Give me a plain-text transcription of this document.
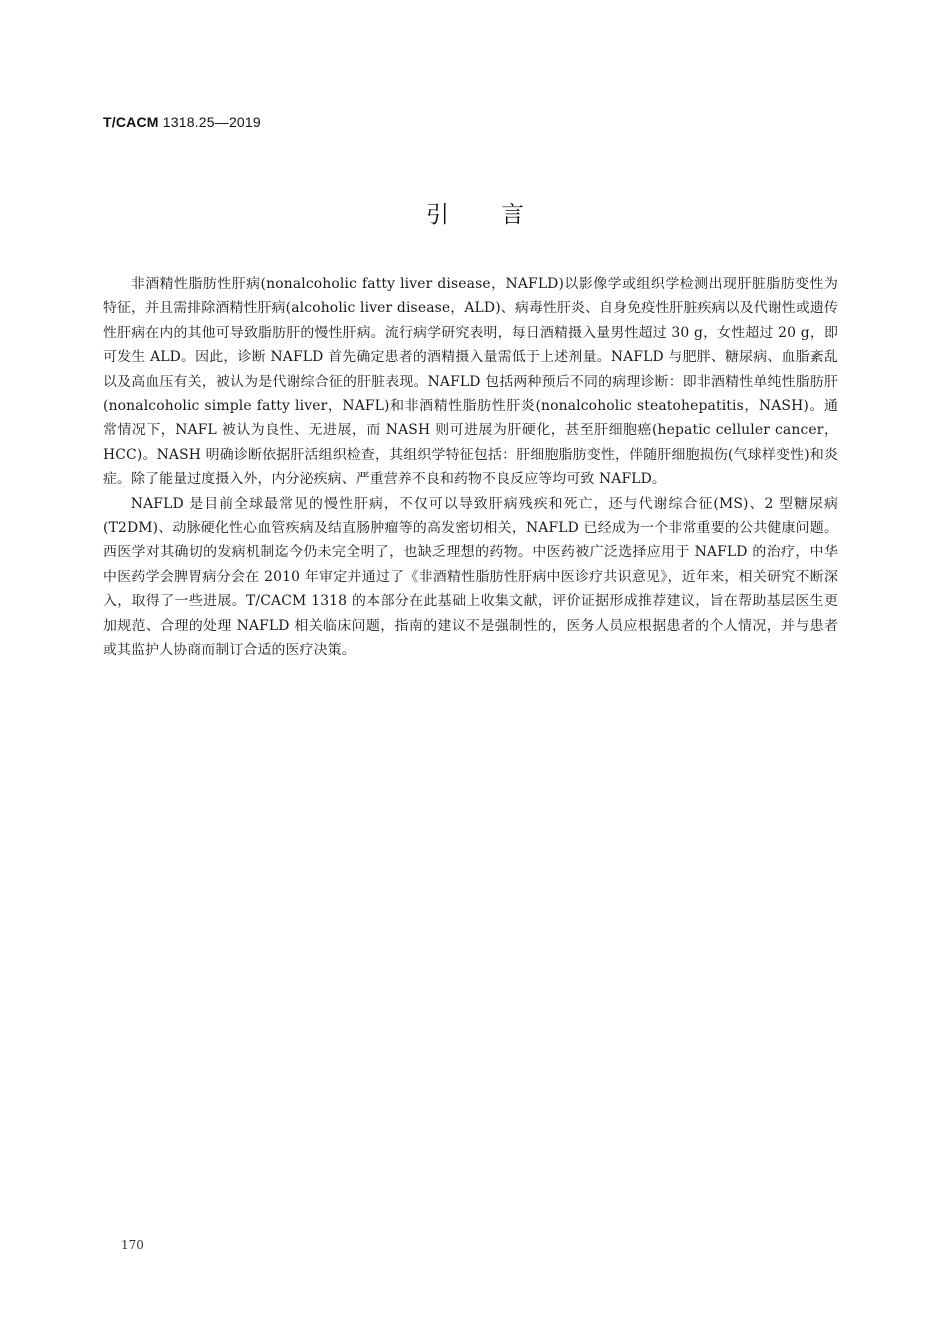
T/CACM 1318.25—2019
引言

非酒精性脂肪性肝病(nonalcoholic fatty liver disease，NAFLD)以影像学或组织学检测出现肝脏脂肪变性为特征，并且需排除酒精性肝病(alcoholic liver disease，ALD)、病毒性肝炎、自身免疫性肝脏疾病以及代谢性或遗传性肝病在内的其他可导致脂肪肝的慢性肝病。流行病学研究表明，每日酒精摄入量男性超过 30 g，女性超过 20 g，即可发生 ALD。因此，诊断 NAFLD 首先确定患者的酒精摄入量需低于上述剂量。NAFLD 与肥胖、糖尿病、血脂紊乱以及高血压有关，被认为是代谢综合征的肝脏表现。NAFLD 包括两种预后不同的病理诊断：即非酒精性单纯性脂肪肝(nonalcoholic simple fatty liver，NAFL)和非酒精性脂肪性肝炎(nonalcoholic steatohepatitis，NASH)。通常情况下，NAFL 被认为良性、无进展，而 NASH 则可进展为肝硬化，甚至肝细胞癌(hepatic celluler cancer，HCC)。NASH 明确诊断依据肝活组织检查，其组织学特征包括：肝细胞脂肪变性，伴随肝细胞损伤(气球样变性)和炎症。除了能量过度摄入外，内分泌疾病、严重营养不良和药物不良反应等均可致 NAFLD。

NAFLD 是目前全球最常见的慢性肝病，不仅可以导致肝病残疾和死亡，还与代谢综合征(MS)、2 型糖尿病(T2DM)、动脉硬化性心血管疾病及结直肠肿瘤等的高发密切相关，NAFLD 已经成为一个非常重要的公共健康问题。西医学对其确切的发病机制迄今仍未完全明了，也缺乏理想的药物。中医药被广泛选择应用于 NAFLD 的治疗，中华中医药学会脾胃病分会在 2010 年审定并通过了《非酒精性脂肪性肝病中医诊疗共识意见》，近年来，相关研究不断深入，取得了一些进展。T/CACM 1318 的本部分在此基础上收集文献，评价证据形成推荐建议，旨在帮助基层医生更加规范、合理的处理 NAFLD 相关临床问题，指南的建议不是强制性的，医务人员应根据患者的个人情况，并与患者或其监护人协商而制订合适的医疗决策。

170
